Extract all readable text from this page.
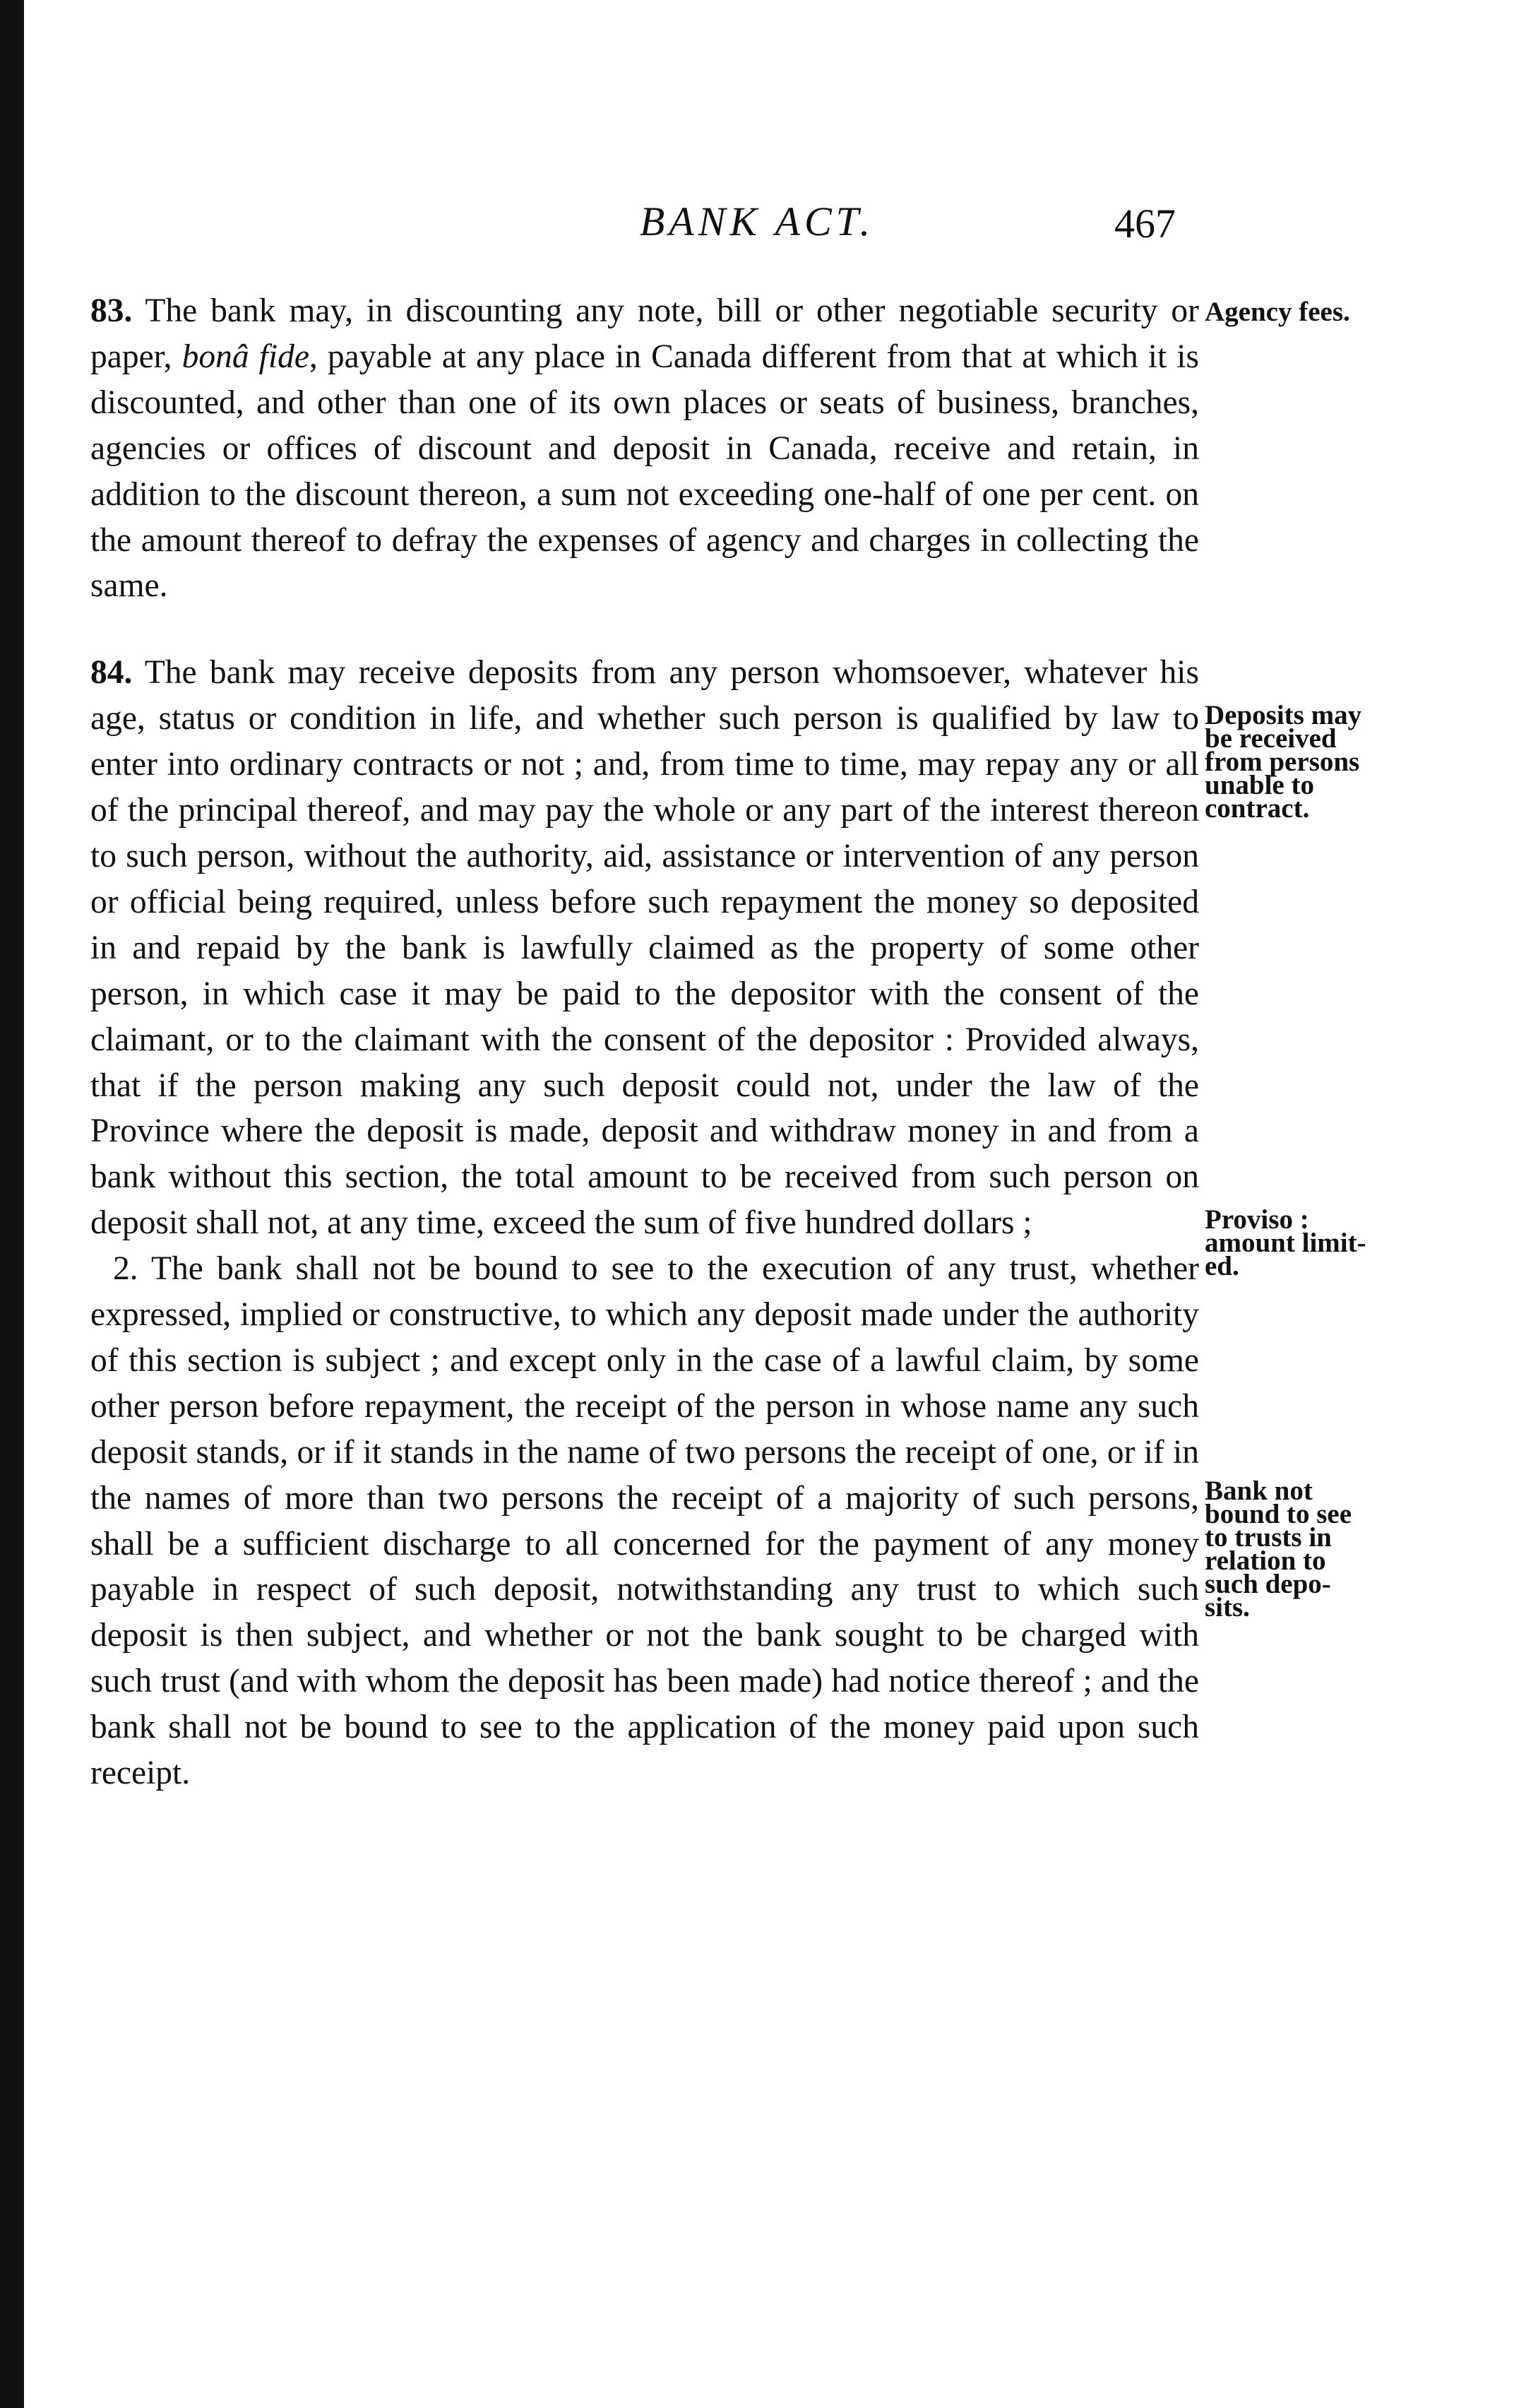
BANK ACT.	467

83. The bank may, in discounting any note, bill or other negotiable security or paper, bonâ fide, payable at any place in Canada different from that at which it is discounted, and other than one of its own places or seats of business, branches, agencies or offices of discount and deposit in Canada, receive and retain, in addition to the discount thereon, a sum not exceeding one-half of one per cent. on the amount thereof to defray the expenses of agency and charges in collecting the same.

84. The bank may receive deposits from any person whomsoever, whatever his age, status or condition in life, and whether such person is qualified by law to enter into ordinary contracts or not ; and, from time to time, may repay any or all of the principal thereof, and may pay the whole or any part of the interest thereon to such person, without the authority, aid, assistance or intervention of any person or official being required, unless before such repayment the money so deposited in and repaid by the bank is lawfully claimed as the property of some other person, in which case it may be paid to the depositor with the consent of the claimant, or to the claimant with the consent of the depositor : Provided always, that if the person making any such deposit could not, under the law of the Province where the deposit is made, deposit and withdraw money in and from a bank without this section, the total amount to be received from such person on deposit shall not, at any time, exceed the sum of five hundred dollars ;

2. The bank shall not be bound to see to the execution of any trust, whether expressed, implied or constructive, to which any deposit made under the authority of this section is subject ; and except only in the case of a lawful claim, by some other person before repayment, the receipt of the person in whose name any such deposit stands, or if it stands in the name of two persons the receipt of one, or if in the names of more than two persons the receipt of a majority of such persons, shall be a sufficient discharge to all concerned for the payment of any money payable in respect of such deposit, notwithstanding any trust to which such deposit is then subject, and whether or not the bank sought to be charged with such trust (and with whom the deposit has been made) had notice thereof ; and the bank shall not be bound to see to the application of the money paid upon such receipt.

Agency fees.
Deposits may
be received
from persons
unable to
contract.
Proviso :
amount limit-
ed.
Bank not
bound to see
to trusts in
relation to
such depo-
sits.
